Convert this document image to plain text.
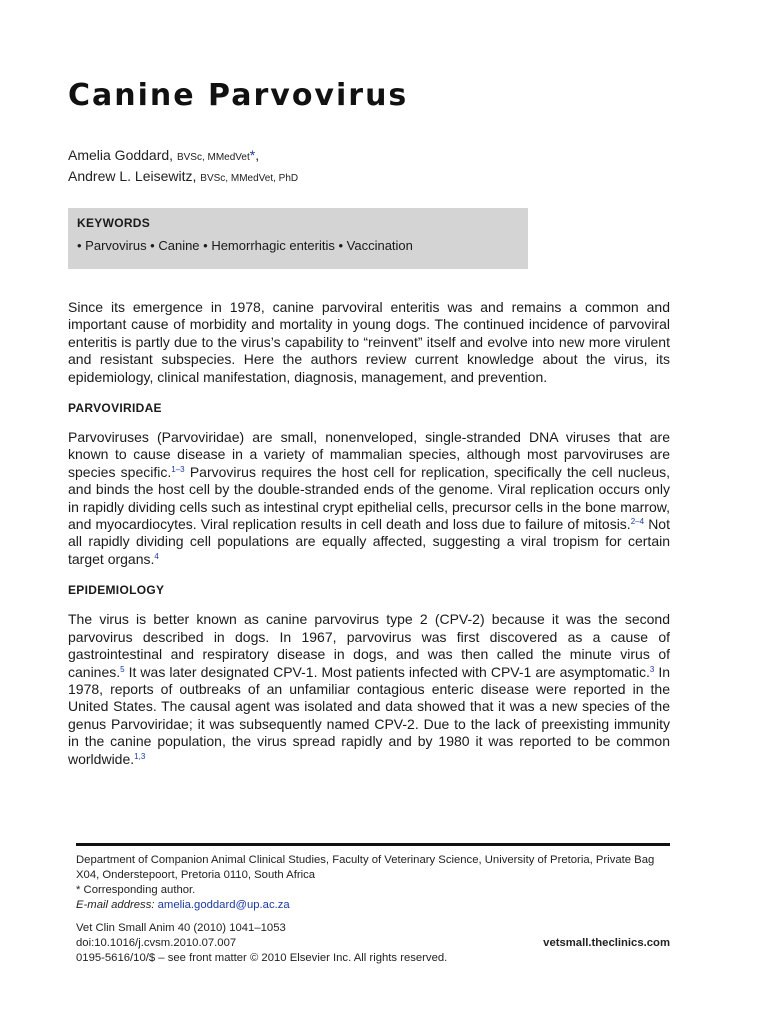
Canine Parvovirus
Amelia Goddard, BVSc, MMedVet*,
Andrew L. Leisewitz, BVSc, MMedVet, PhD
KEYWORDS
• Parvovirus • Canine • Hemorrhagic enteritis • Vaccination

Since its emergence in 1978, canine parvoviral enteritis was and remains a common and important cause of morbidity and mortality in young dogs. The continued incidence of parvoviral enteritis is partly due to the virus’s capability to “reinvent” itself and evolve into new more virulent and resistant subspecies. Here the authors review current knowledge about the virus, its epidemiology, clinical manifestation, diagnosis, management, and prevention.

PARVOVIRIDAE

Parvoviruses (Parvoviridae) are small, nonenveloped, single-stranded DNA viruses that are known to cause disease in a variety of mammalian species, although most parvoviruses are species specific.$^{1-3}$ Parvovirus requires the host cell for replication, specifically the cell nucleus, and binds the host cell by the double-stranded ends of the genome. Viral replication occurs only in rapidly dividing cells such as intestinal crypt epithelial cells, precursor cells in the bone marrow, and myocardiocytes. Viral replication results in cell death and loss due to failure of mitosis.$^{2-4}$ Not all rapidly dividing cell populations are equally affected, suggesting a viral tropism for certain target organs.$^4$

EPIDEMIOLOGY

The virus is better known as canine parvovirus type 2 (CPV-2) because it was the second parvovirus described in dogs. In 1967, parvovirus was first discovered as a cause of gastrointestinal and respiratory disease in dogs, and was then called the minute virus of canines.$^5$ It was later designated CPV-1. Most patients infected with CPV-1 are asymptomatic.$^3$ In 1978, reports of outbreaks of an unfamiliar contagious enteric disease were reported in the United States. The causal agent was isolated and data showed that it was a new species of the genus Parvoviridae; it was subsequently named CPV-2. Due to the lack of preexisting immunity in the canine population, the virus spread rapidly and by 1980 it was reported to be common worldwide.$^{1,3}$

Department of Companion Animal Clinical Studies, Faculty of Veterinary Science, University of Pretoria, Private Bag X04, Onderstepoort, Pretoria 0110, South Africa
* Corresponding author.
E-mail address: amelia.goddard@up.ac.za
Vet Clin Small Anim 40 (2010) 1041–1053
doi:10.1016/j.cvsm.2010.07.007
0195-5616/10/$ – see front matter © 2010 Elsevier Inc. All rights reserved.
vetsmall.theclinics.com
